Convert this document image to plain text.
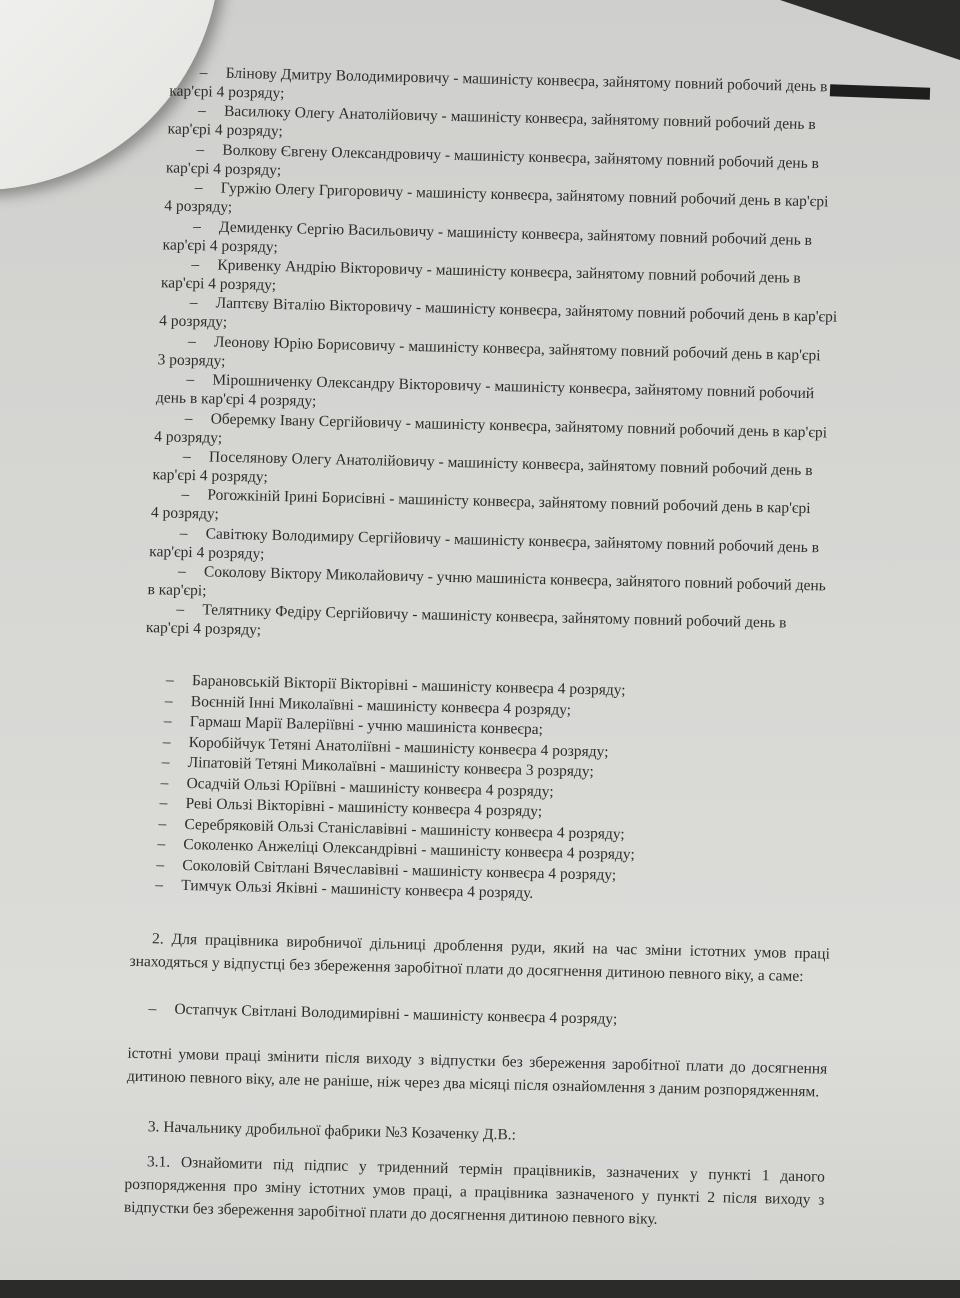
– Блінову Дмитру Володимировичу - машиністу конвеєра, зайнятому повний робочий день в
кар'єрі 4 розряду;
– Василюку Олегу Анатолійовичу - машиністу конвеєра, зайнятому повний робочий день в
кар'єрі 4 розряду;
– Волкову Євгену Олександровичу - машиністу конвеєра, зайнятому повний робочий день в
кар'єрі 4 розряду;
– Гуржію Олегу Григоровичу - машиністу конвеєра, зайнятому повний робочий день в кар'єрі
4 розряду;
– Демиденку Сергію Васильовичу - машиністу конвеєра, зайнятому повний робочий день в
кар'єрі 4 розряду;
– Кривенку Андрію Вікторовичу - машиністу конвеєра, зайнятому повний робочий день в
кар'єрі 4 розряду;
– Лаптєву Віталію Вікторовичу - машиністу конвеєра, зайнятому повний робочий день в кар'єрі
4 розряду;
– Леонову Юрію Борисовичу - машиністу конвеєра, зайнятому повний робочий день в кар'єрі
3 розряду;
– Мірошниченку Олександру Вікторовичу - машиністу конвеєра, зайнятому повний робочий
день в кар'єрі 4 розряду;
– Оберемку Івану Сергійовичу - машиністу конвеєра, зайнятому повний робочий день в кар'єрі
4 розряду;
– Поселянову Олегу Анатолійовичу - машиністу конвеєра, зайнятому повний робочий день в
кар'єрі 4 розряду;
– Рогожкіній Ірині Борисівні - машиністу конвеєра, зайнятому повний робочий день в кар'єрі
4 розряду;
– Савітюку Володимиру Сергійовичу - машиністу конвеєра, зайнятому повний робочий день в
кар'єрі 4 розряду;
– Соколову Віктору Миколайовичу - учню машиніста конвеєра, зайнятого повний робочий день
в кар'єрі;
– Телятнику Федіру Сергійовичу - машиністу конвеєра, зайнятому повний робочий день в
кар'єрі 4 розряду;
– Барановській Вікторії Вікторівні - машиністу конвеєра 4 розряду;
– Воєнній Інні Миколаївні - машиністу конвеєра 4 розряду;
– Гармаш Марії Валеріївні - учню машиніста конвеєра;
– Коробійчук Тетяні Анатоліївні - машиністу конвеєра 4 розряду;
– Ліпатовій Тетяні Миколаївні - машиністу конвеєра 3 розряду;
– Осадчій Ользі Юріївні - машиністу конвеєра 4 розряду;
– Реві Ользі Вікторівні - машиністу конвеєра 4 розряду;
– Серебряковій Ользі Станіславівні - машиністу конвеєра 4 розряду;
– Соколенко Анжеліці Олександрівні - машиністу конвеєра 4 розряду;
– Соколовій Світлані Вячеславівні - машиністу конвеєра 4 розряду;
– Тимчук Ользі Яківні - машиністу конвеєра 4 розряду.
2. Для працівника виробничої дільниці дроблення руди, який на час зміни істотних умов праці знаходяться у відпустці без збереження заробітної плати до досягнення дитиною певного віку, а саме:
– Остапчук Світлані Володимирівні - машиністу конвеєра 4 розряду;
істотні умови праці змінити після виходу з відпустки без збереження заробітної плати до досягнення дитиною певного віку, але не раніше, ніж через два місяці після ознайомлення з даним розпорядженням.
3. Начальнику дробильної фабрики №3 Козаченку Д.В.:
3.1. Ознайомити під підпис у триденний термін працівників, зазначених у пункті 1 даного розпорядження про зміну істотних умов праці, а працівника зазначеного у пункті 2 після виходу з відпустки без збереження заробітної плати до досягнення дитиною певного віку.
